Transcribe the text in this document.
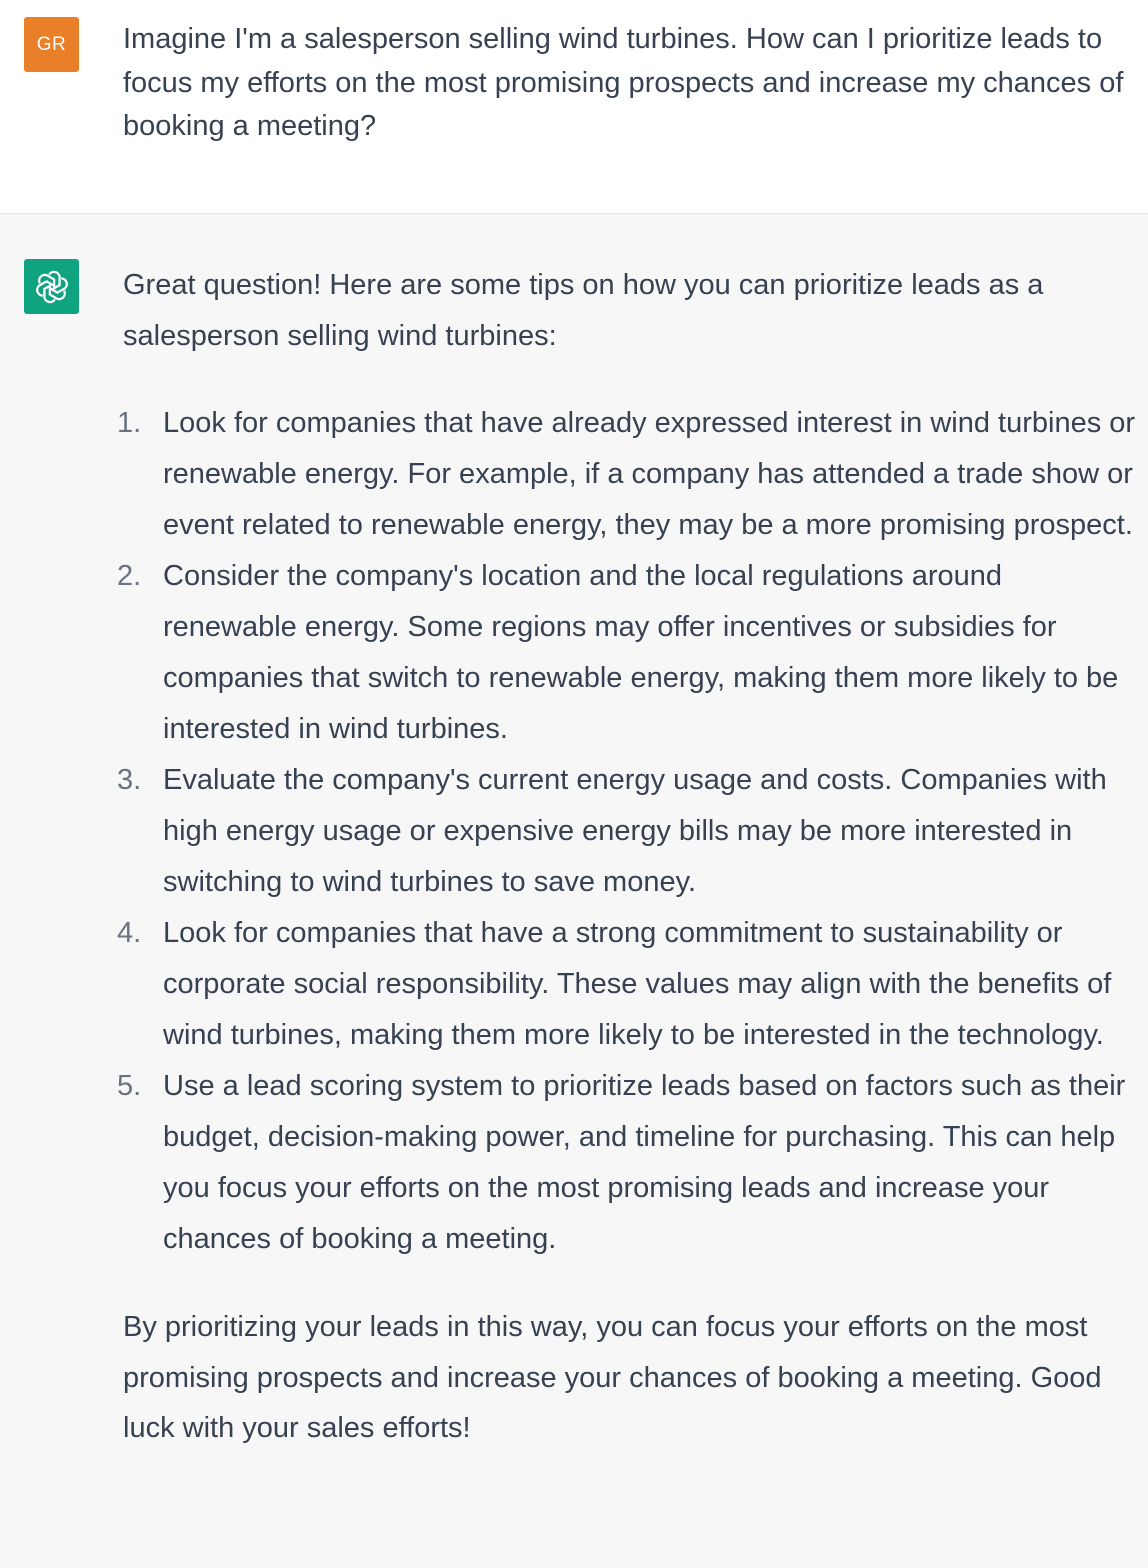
GR	Imagine I'm a salesperson selling wind turbines. How can I prioritize leads to focus my efforts on the most promising prospects and increase my chances of booking a meeting?

Great question! Here are some tips on how you can prioritize leads as a salesperson selling wind turbines:

1. Look for companies that have already expressed interest in wind turbines or renewable energy. For example, if a company has attended a trade show or event related to renewable energy, they may be a more promising prospect.
2. Consider the company's location and the local regulations around renewable energy. Some regions may offer incentives or subsidies for companies that switch to renewable energy, making them more likely to be interested in wind turbines.
3. Evaluate the company's current energy usage and costs. Companies with high energy usage or expensive energy bills may be more interested in switching to wind turbines to save money.
4. Look for companies that have a strong commitment to sustainability or corporate social responsibility. These values may align with the benefits of wind turbines, making them more likely to be interested in the technology.
5. Use a lead scoring system to prioritize leads based on factors such as their budget, decision-making power, and timeline for purchasing. This can help you focus your efforts on the most promising leads and increase your chances of booking a meeting.

By prioritizing your leads in this way, you can focus your efforts on the most promising prospects and increase your chances of booking a meeting. Good luck with your sales efforts!
